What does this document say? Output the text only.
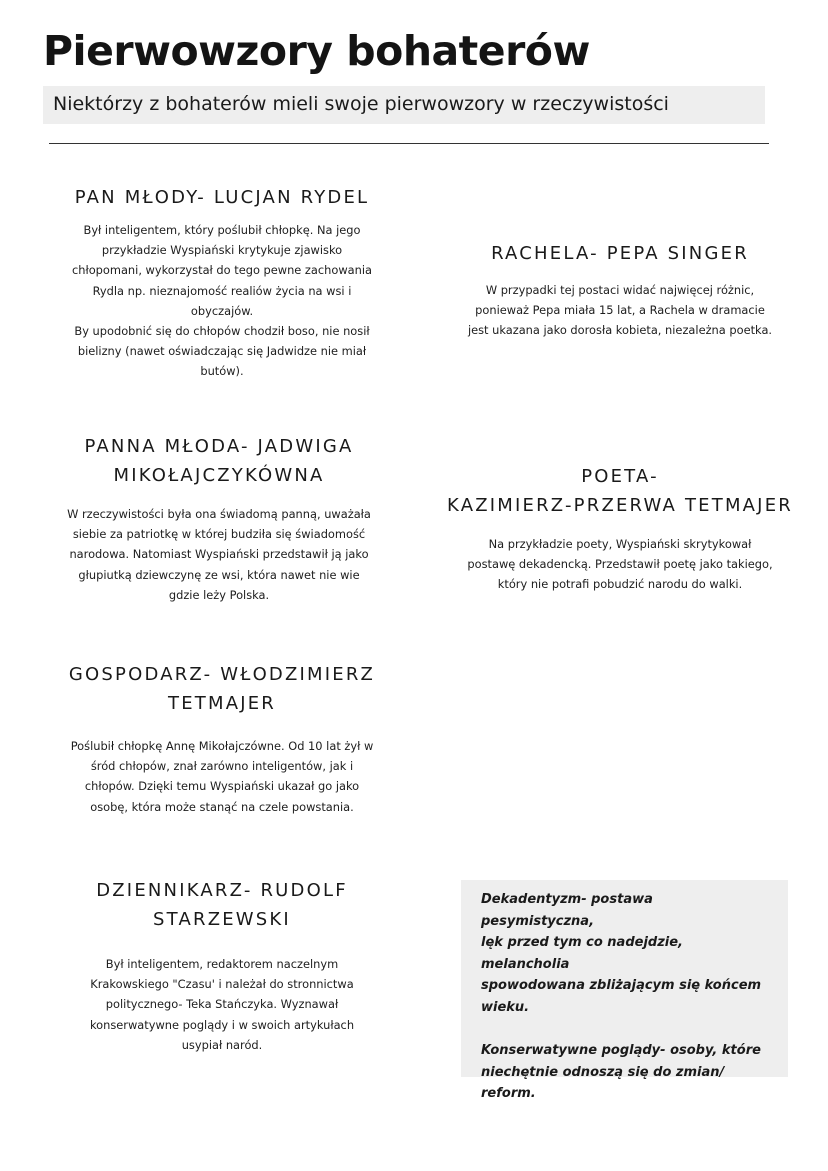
Pierwowzory bohaterów
Niektórzy z bohaterów mieli swoje pierwowzory w rzeczywistości
PAN MŁODY- LUCJAN RYDEL

Był inteligentem, który poślubił chłopkę. Na jego
przykładzie Wyspiański krytykuje zjawisko
chłopomani, wykorzystał do tego pewne zachowania
Rydla np. nieznajomość realiów życia na wsi i
obyczajów.
By upodobnić się do chłopów chodził boso, nie nosił
bielizny (nawet oświadczając się Jadwidze nie miał
butów).

RACHELA- PEPA SINGER

W przypadki tej postaci widać najwięcej różnic,
ponieważ Pepa miała 15 lat, a Rachela w dramacie
jest ukazana jako dorosła kobieta, niezależna poetka.

PANNA MŁODA- JADWIGA
MIKOŁAJCZYKÓWNA

W rzeczywistości była ona świadomą panną, uważała
siebie za patriotkę w której budziła się świadomość
narodowa. Natomiast Wyspiański przedstawił ją jako
głupiutką dziewczynę ze wsi, która nawet nie wie
gdzie leży Polska.

POETA-
KAZIMIERZ-PRZERWA TETMAJER

Na przykładzie poety, Wyspiański skrytykował
postawę dekadencką. Przedstawił poetę jako takiego,
który nie potrafi pobudzić narodu do walki.

GOSPODARZ- WŁODZIMIERZ
TETMAJER

Poślubił chłopkę Annę Mikołajczówne. Od 10 lat żył w
śród chłopów, znał zarówno inteligentów, jak i
chłopów. Dzięki temu Wyspiański ukazał go jako
osobę, która może stanąć na czele powstania.

DZIENNIKARZ- RUDOLF
STARZEWSKI

Był inteligentem, redaktorem naczelnym
Krakowskiego "Czasu' i należał do stronnictwa
politycznego- Teka Stańczyka. Wyznawał
konserwatywne poglądy i w swoich artykułach
usypiał naród.

Dekadentyzm- postawa pesymistyczna,
lęk przed tym co nadejdzie, melancholia
spowodowana zbliżającym się końcem
wieku.

Konserwatywne poglądy- osoby, które
niechętnie odnoszą się do zmian/
reform.
